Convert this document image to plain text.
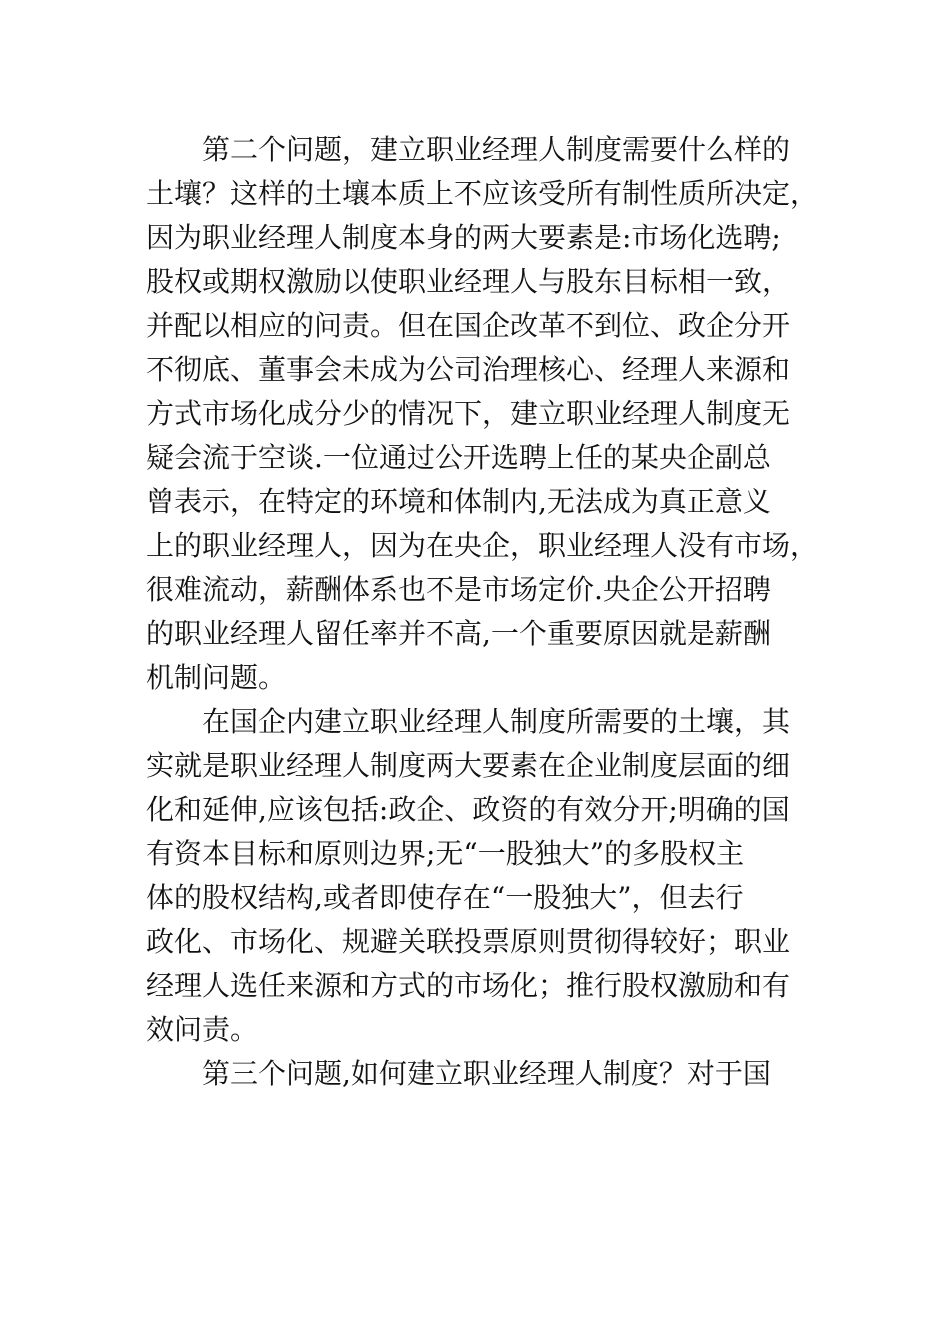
第二个问题，建立职业经理人制度需要什么样的
土壤？这样的土壤本质上不应该受所有制性质所决定，
因为职业经理人制度本身的两大要素是:市场化选聘;
股权或期权激励以使职业经理人与股东目标相一致，
并配以相应的问责。但在国企改革不到位、政企分开
不彻底、董事会未成为公司治理核心、经理人来源和
方式市场化成分少的情况下，建立职业经理人制度无
疑会流于空谈.一位通过公开选聘上任的某央企副总
曾表示，在特定的环境和体制内,无法成为真正意义
上的职业经理人，因为在央企，职业经理人没有市场，
很难流动，薪酬体系也不是市场定价.央企公开招聘
的职业经理人留任率并不高,一个重要原因就是薪酬
机制问题。
在国企内建立职业经理人制度所需要的土壤，其
实就是职业经理人制度两大要素在企业制度层面的细
化和延伸,应该包括:政企、政资的有效分开;明确的国
有资本目标和原则边界;无“一股独大”的多股权主
体的股权结构,或者即使存在“一股独大”，但去行
政化、市场化、规避关联投票原则贯彻得较好；职业
经理人选任来源和方式的市场化；推行股权激励和有
效问责。
第三个问题,如何建立职业经理人制度？对于国
